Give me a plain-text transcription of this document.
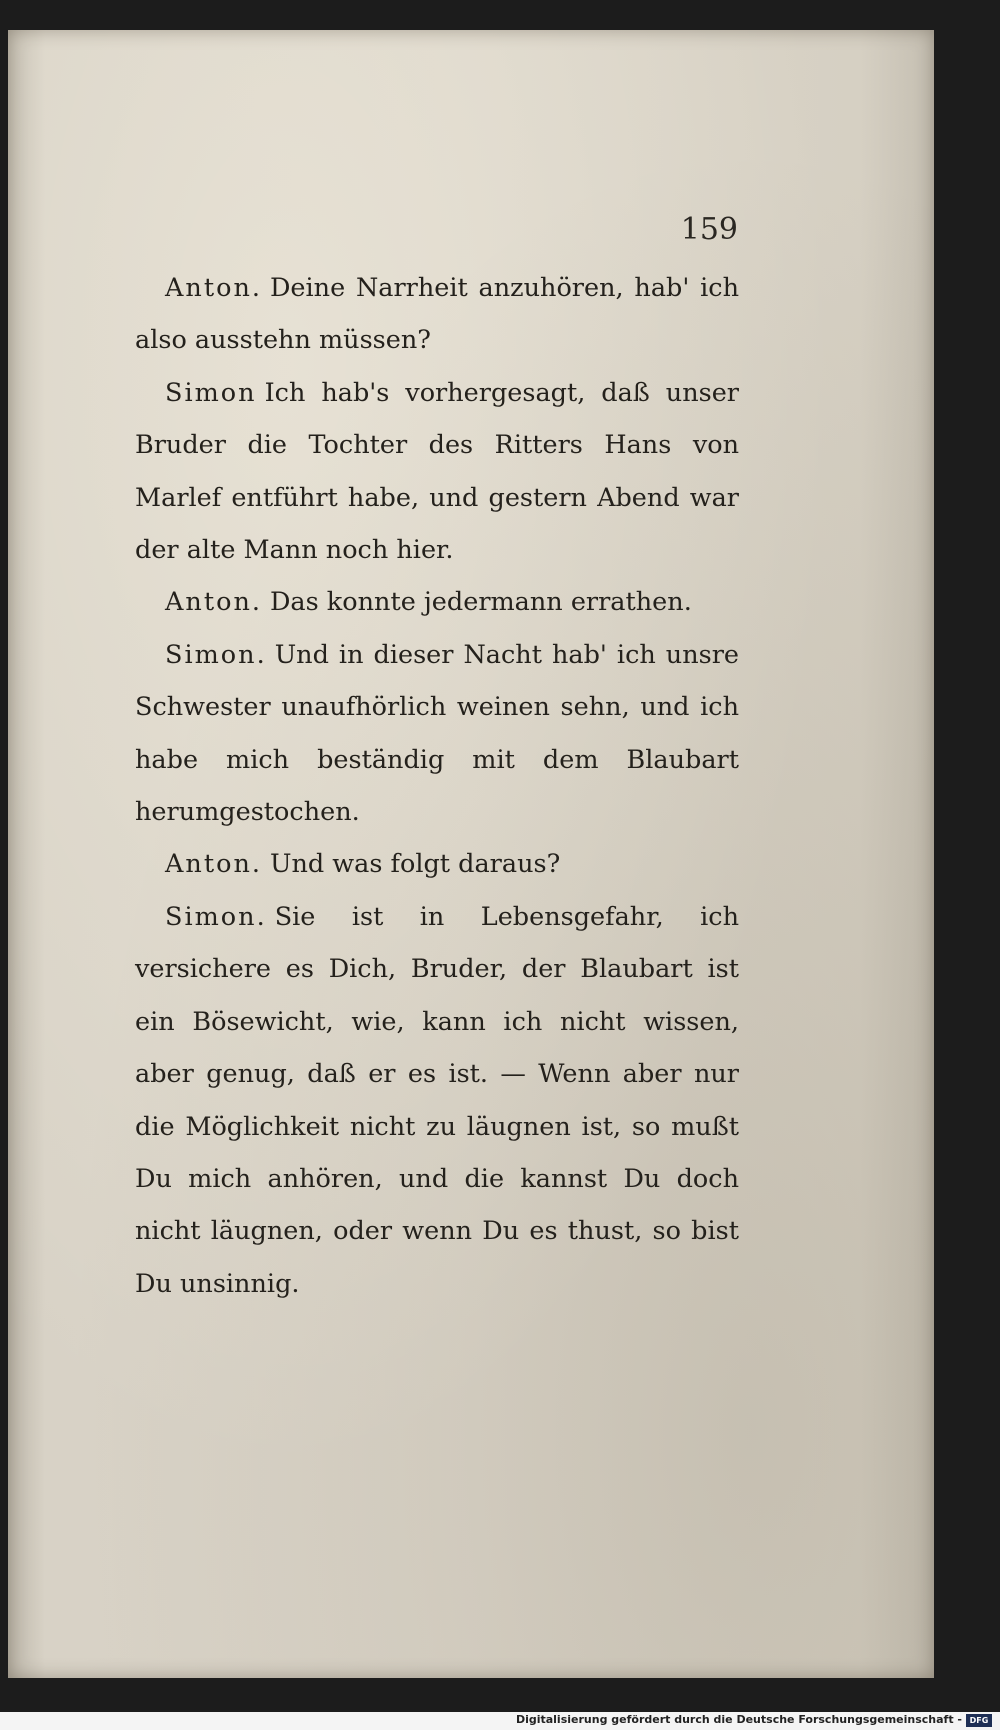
159

Anton. Deine Narrheit anzuhören, hab' ich also ausstehn müssen?

Simon Ich hab's vorhergesagt, daß unser Bruder die Tochter des Ritters Hans von Marlef entführt habe, und gestern Abend war der alte Mann noch hier.

Anton. Das konnte jedermann errathen.

Simon. Und in dieser Nacht hab' ich unsre Schwester unaufhörlich weinen sehn, und ich habe mich beständig mit dem Blaubart herumgestochen.

Anton. Und was folgt daraus?

Simon. Sie ist in Lebensgefahr, ich versichere es Dich, Bruder, der Blaubart ist ein Bösewicht, wie, kann ich nicht wissen, aber genug, daß er es ist. — Wenn aber nur die Möglichkeit nicht zu läugnen ist, so mußt Du mich anhören, und die kannst Du doch nicht läugnen, oder wenn Du es thust, so bist Du unsinnig.

Digitalisierung gefördert durch die Deutsche Forschungsgemeinschaft - DFG
